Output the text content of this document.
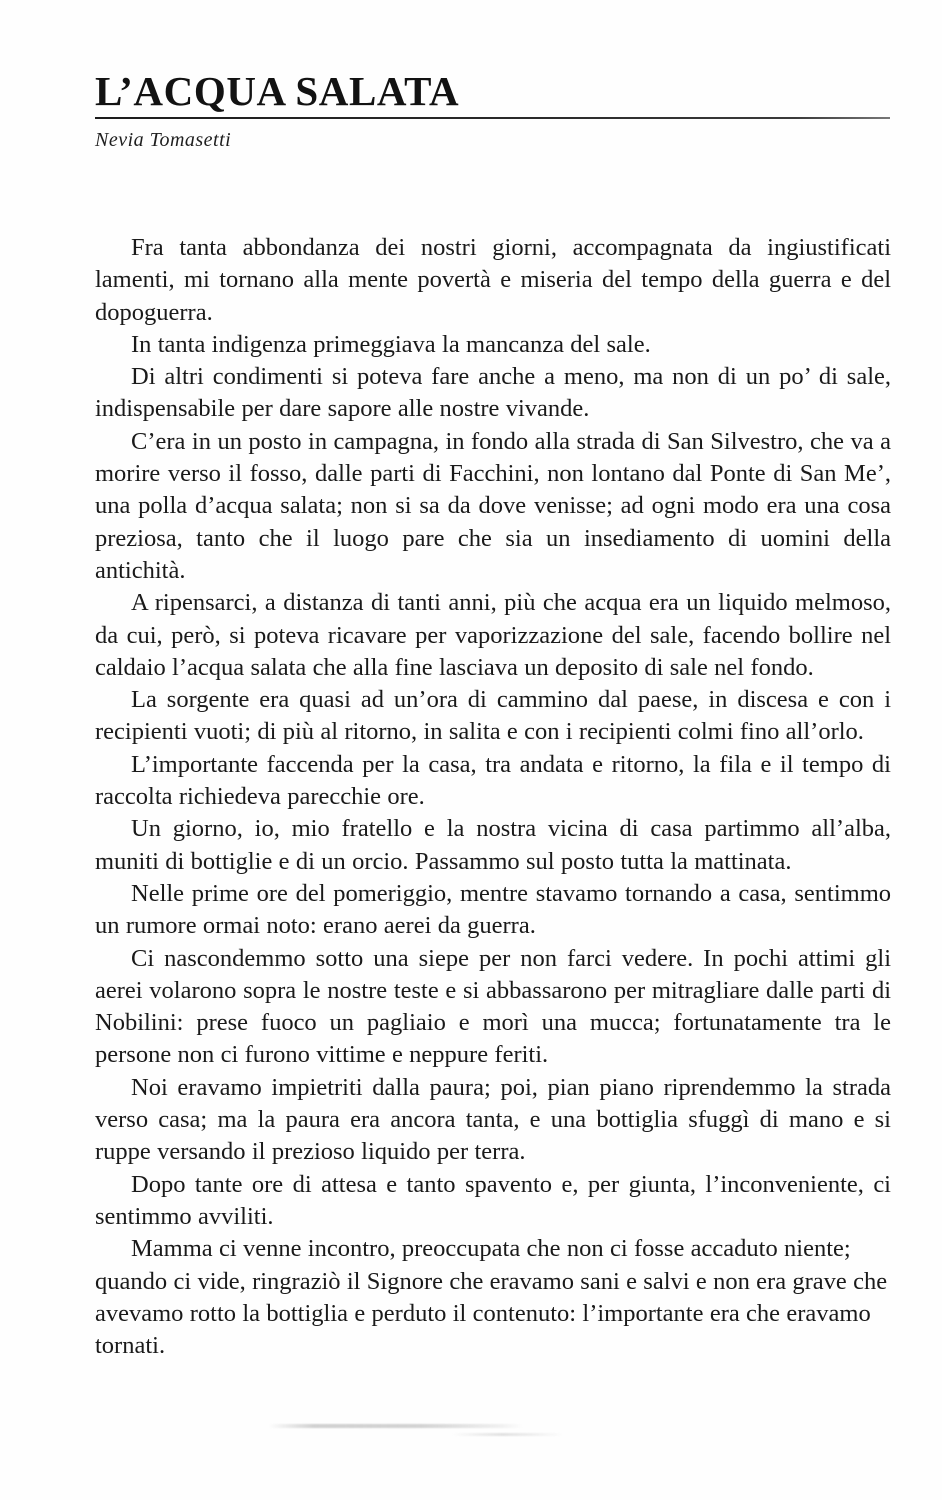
L’ACQUA SALATA
Nevia Tomasetti

Fra tanta abbondanza dei nostri giorni, accompagnata da ingiustificati lamenti, mi tornano alla mente povertà e miseria del tempo della guerra e del dopoguerra.

In tanta indigenza primeggiava la mancanza del sale.

Di altri condimenti si poteva fare anche a meno, ma non di un po’ di sale, indispensabile per dare sapore alle nostre vivande.

C’era in un posto in campagna, in fondo alla strada di San Silvestro, che va a morire verso il fosso, dalle parti di Facchini, non lontano dal Ponte di San Me’, una polla d’acqua salata; non si sa da dove venisse; ad ogni modo era una cosa preziosa, tanto che il luogo pare che sia un insediamento di uomini della antichità.

A ripensarci, a distanza di tanti anni, più che acqua era un liquido melmoso, da cui, però, si poteva ricavare per vaporizzazione del sale, facendo bollire nel caldaio l’acqua salata che alla fine lasciava un deposito di sale nel fondo.

La sorgente era quasi ad un’ora di cammino dal paese, in discesa e con i recipienti vuoti; di più al ritorno, in salita e con i recipienti colmi fino all’orlo.

L’importante faccenda per la casa, tra andata e ritorno, la fila e il tempo di raccolta richiedeva parecchie ore.

Un giorno, io, mio fratello e la nostra vicina di casa partimmo all’alba, muniti di bottiglie e di un orcio. Passammo sul posto tutta la mattinata.

Nelle prime ore del pomeriggio, mentre stavamo tornando a casa, sentimmo un rumore ormai noto: erano aerei da guerra.

Ci nascondemmo sotto una siepe per non farci vedere. In pochi attimi gli aerei volarono sopra le nostre teste e si abbassarono per mitragliare dalle parti di Nobilini: prese fuoco un pagliaio e morì una mucca; fortunatamente tra le persone non ci furono vittime e neppure feriti.

Noi eravamo impietriti dalla paura; poi, pian piano riprendemmo la strada verso casa; ma la paura era ancora tanta, e una bottiglia sfuggì di mano e si ruppe versando il prezioso liquido per terra.

Dopo tante ore di attesa e tanto spavento e, per giunta, l’inconveniente, ci sentimmo avviliti.

Mamma ci venne incontro, preoccupata che non ci fosse accaduto niente; quando ci vide, ringraziò il Signore che eravamo sani e salvi e non era grave che avevamo rotto la bottiglia e perduto il contenuto: l’importante era che eravamo tornati.
